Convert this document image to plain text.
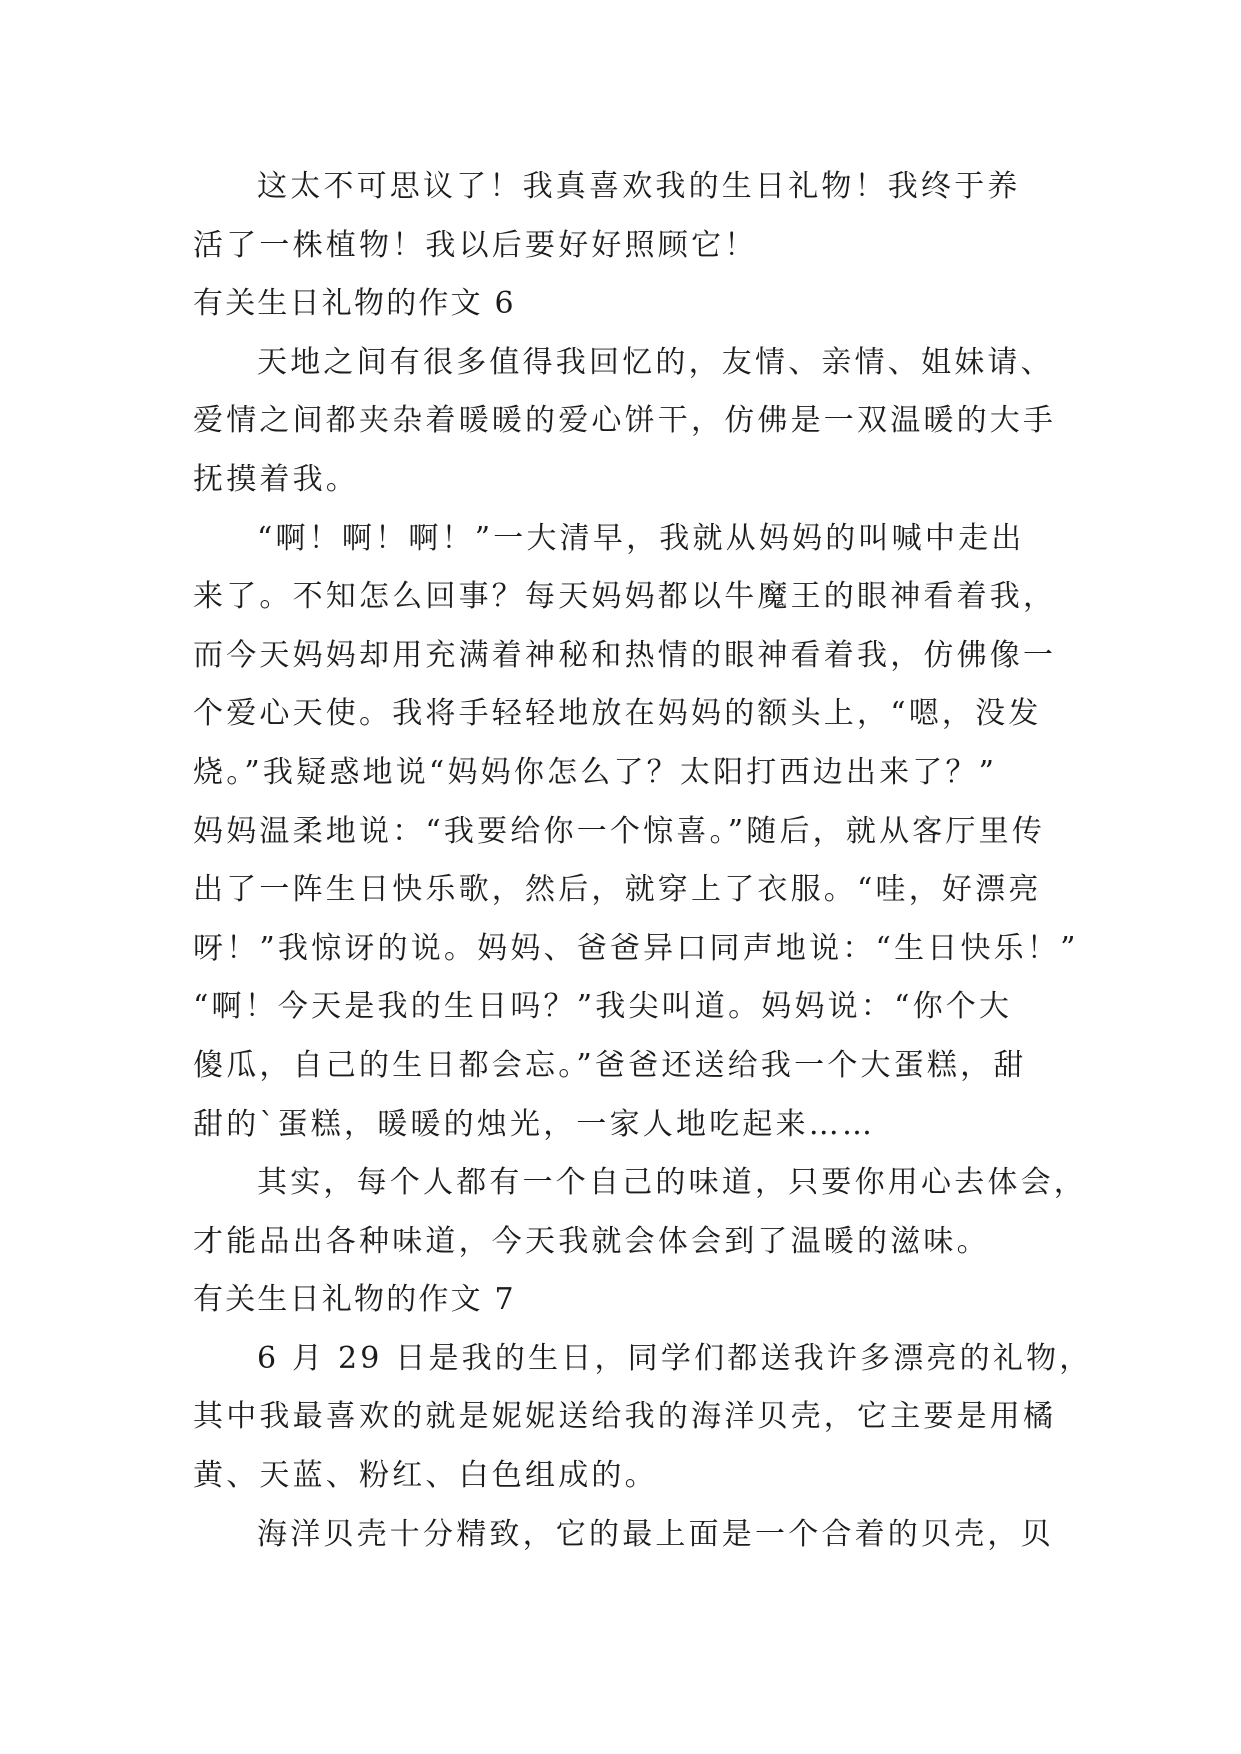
这太不可思议了！我真喜欢我的生日礼物！我终于养
活了一株植物！我以后要好好照顾它！
有关生日礼物的作文 6
天地之间有很多值得我回忆的，友情、亲情、姐妹请、
爱情之间都夹杂着暖暖的爱心饼干，仿佛是一双温暖的大手
抚摸着我。
“啊！啊！啊！”一大清早，我就从妈妈的叫喊中走出
来了。不知怎么回事？每天妈妈都以牛魔王的眼神看着我，
而今天妈妈却用充满着神秘和热情的眼神看着我，仿佛像一
个爱心天使。我将手轻轻地放在妈妈的额头上，“嗯，没发
烧。”我疑惑地说“妈妈你怎么了？太阳打西边出来了？”
妈妈温柔地说：“我要给你一个惊喜。”随后，就从客厅里传
出了一阵生日快乐歌，然后，就穿上了衣服。“哇，好漂亮
呀！”我惊讶的说。妈妈、爸爸异口同声地说：“生日快乐！”
“啊！今天是我的生日吗？”我尖叫道。妈妈说：“你个大
傻瓜，自己的生日都会忘。”爸爸还送给我一个大蛋糕，甜
甜的`蛋糕，暖暖的烛光，一家人地吃起来……
其实，每个人都有一个自己的味道，只要你用心去体会，
才能品出各种味道，今天我就会体会到了温暖的滋味。
有关生日礼物的作文 7
6 月 29 日是我的生日，同学们都送我许多漂亮的礼物，
其中我最喜欢的就是妮妮送给我的海洋贝壳，它主要是用橘
黄、天蓝、粉红、白色组成的。
海洋贝壳十分精致，它的最上面是一个合着的贝壳，贝
